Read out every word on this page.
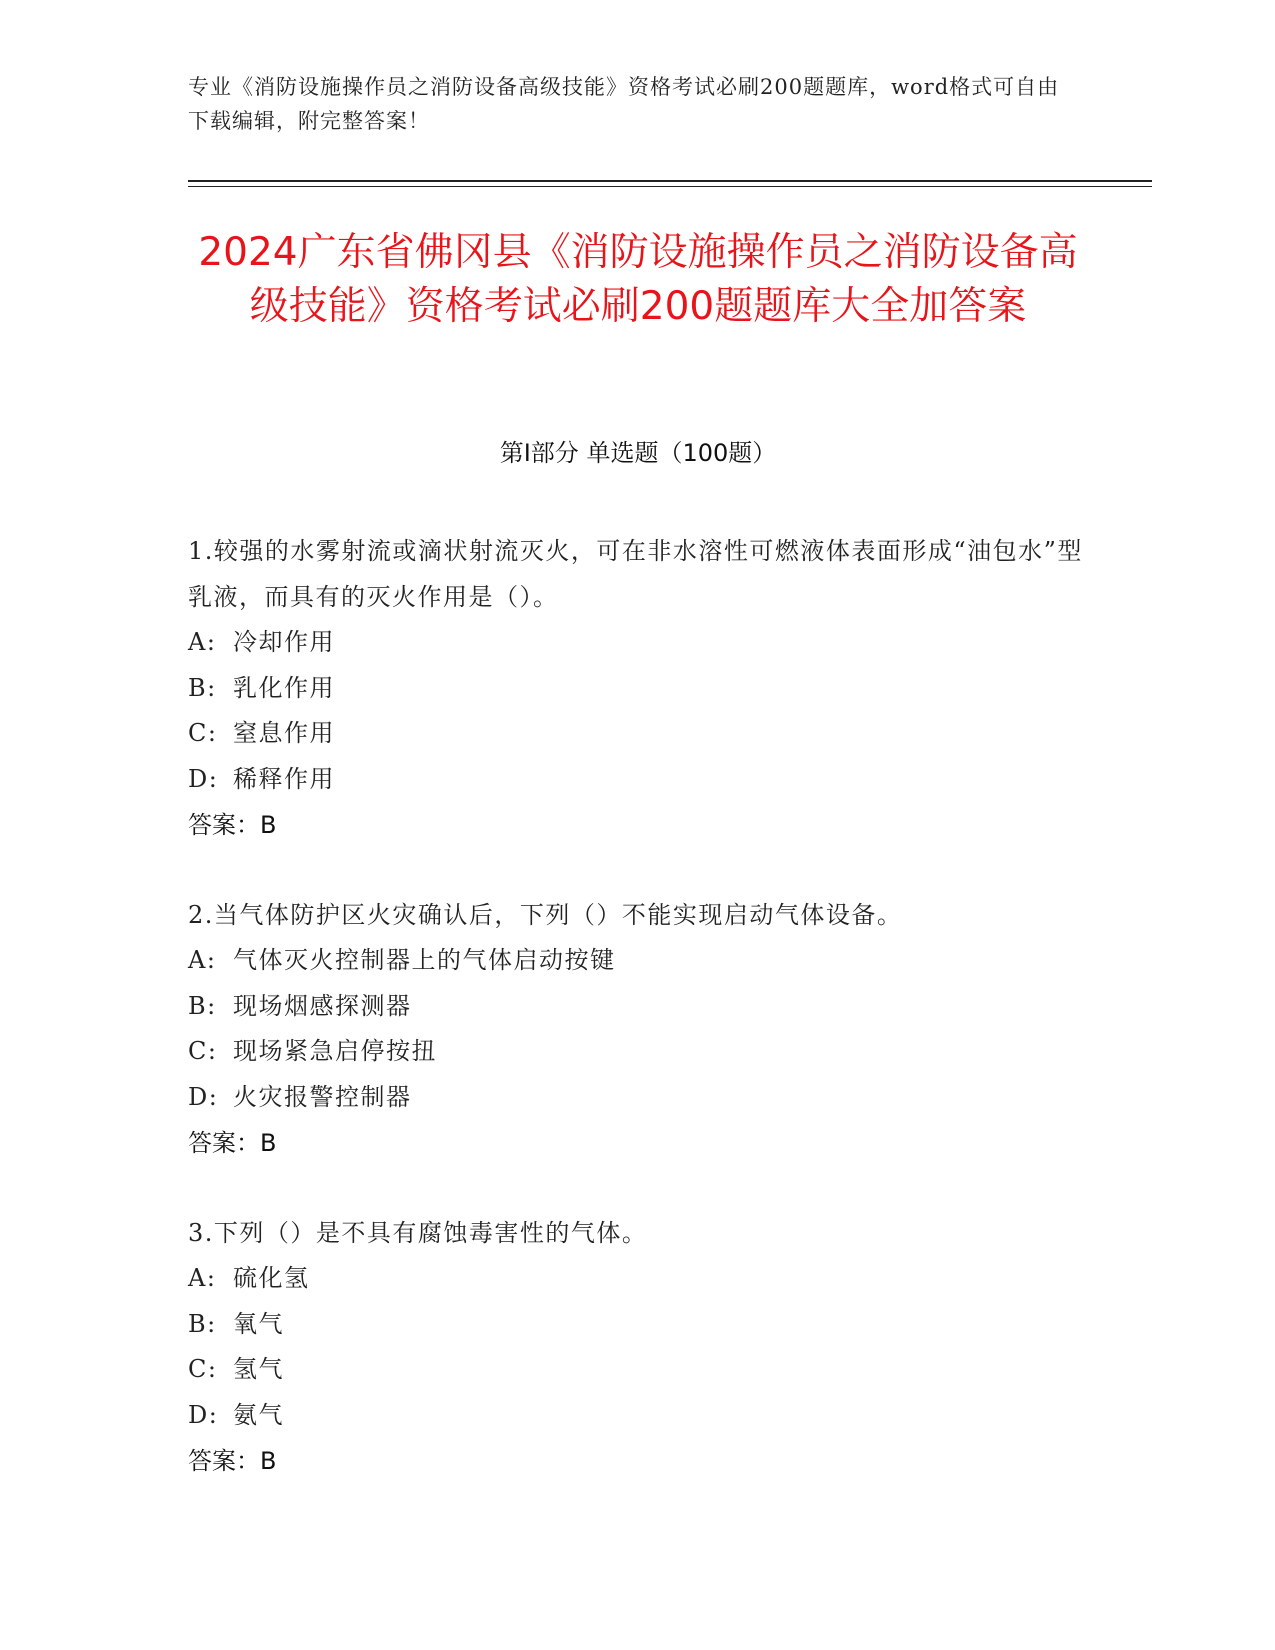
专业《消防设施操作员之消防设备高级技能》资格考试必刷200题题库，word格式可自由下载编辑，附完整答案！
2024广东省佛冈县《消防设施操作员之消防设备高级技能》资格考试必刷200题题库大全加答案
第Ⅰ部分 单选题（100题）
1.较强的水雾射流或滴状射流灭火，可在非水溶性可燃液体表面形成“油包水”型乳液，而具有的灭火作用是（）。
A: 冷却作用
B: 乳化作用
C: 窒息作用
D: 稀释作用
答案：B
2.当气体防护区火灾确认后，下列（）不能实现启动气体设备。
A: 气体灭火控制器上的气体启动按键
B: 现场烟感探测器
C: 现场紧急启停按扭
D: 火灾报警控制器
答案：B
3.下列（）是不具有腐蚀毒害性的气体。
A: 硫化氢
B: 氧气
C: 氢气
D: 氨气
答案：B
